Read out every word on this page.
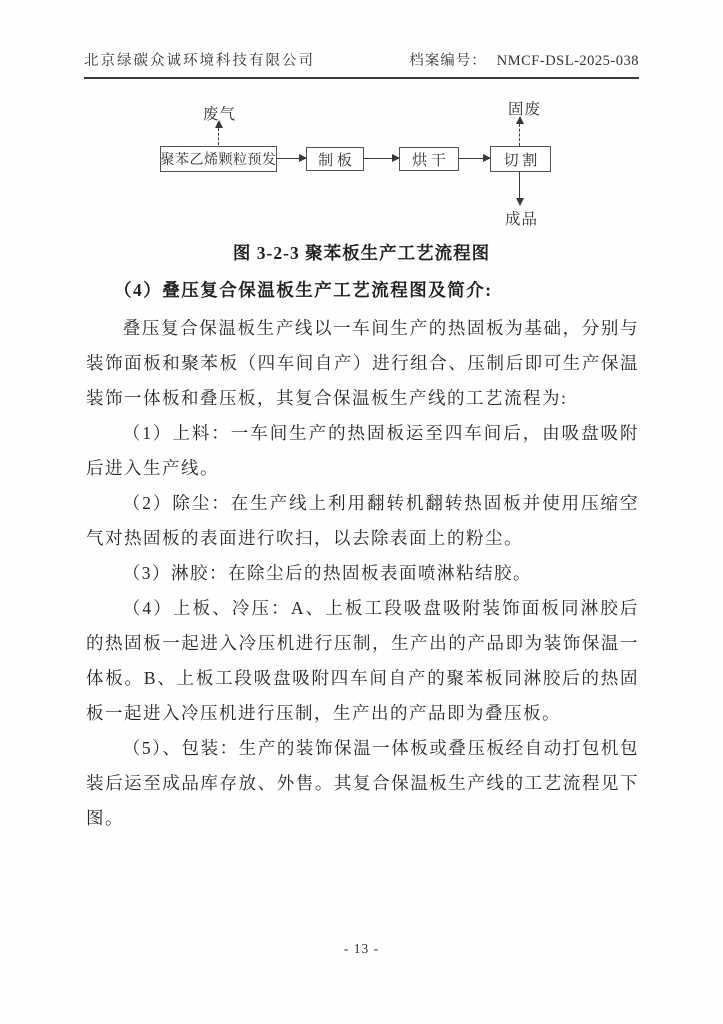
北京绿碳众诚环境科技有限公司	档案编号： NMCF-DSL-2025-038
废气
聚苯乙烯颗粒预发	制 板	烘 干	切 割
固废
成品
图 3-2-3 聚苯板生产工艺流程图
（4）叠压复合保温板生产工艺流程图及简介:

叠压复合保温板生产线以一车间生产的热固板为基础，分别与装饰面板和聚苯板（四车间自产）进行组合、压制后即可生产保温装饰一体板和叠压板，其复合保温板生产线的工艺流程为:

（1）上料：一车间生产的热固板运至四车间后，由吸盘吸附后进入生产线。

（2）除尘：在生产线上利用翻转机翻转热固板并使用压缩空气对热固板的表面进行吹扫，以去除表面上的粉尘。

（3）淋胶：在除尘后的热固板表面喷淋粘结胶。

（4）上板、冷压：A、上板工段吸盘吸附装饰面板同淋胶后的热固板一起进入冷压机进行压制，生产出的产品即为装饰保温一体板。B、上板工段吸盘吸附四车间自产的聚苯板同淋胶后的热固板一起进入冷压机进行压制，生产出的产品即为叠压板。

（5）、包装：生产的装饰保温一体板或叠压板经自动打包机包装后运至成品库存放、外售。其复合保温板生产线的工艺流程见下图。

- 13 -
